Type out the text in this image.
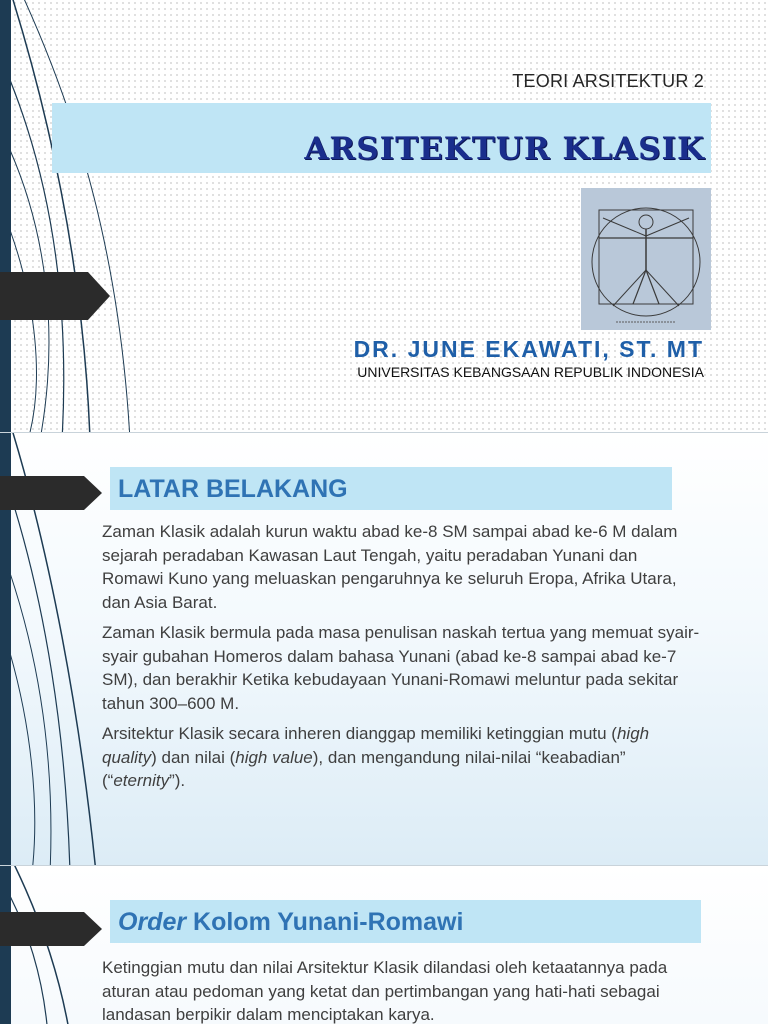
TEORI ARSITEKTUR 2
ARSITEKTUR KLASIK
DR. JUNE EKAWATI, ST. MT
UNIVERSITAS KEBANGSAAN REPUBLIK INDONESIA
LATAR BELAKANG

Zaman Klasik adalah kurun waktu abad ke-8 SM sampai abad ke-6 M dalam sejarah peradaban Kawasan Laut Tengah, yaitu peradaban Yunani dan Romawi Kuno yang meluaskan pengaruhnya ke seluruh Eropa, Afrika Utara, dan Asia Barat.

Zaman Klasik bermula pada masa penulisan naskah tertua yang memuat syair-syair gubahan Homeros dalam bahasa Yunani (abad ke-8 sampai abad ke-7 SM), dan berakhir Ketika kebudayaan Yunani-Romawi meluntur pada sekitar tahun 300–600 M.

Arsitektur Klasik secara inheren dianggap memiliki ketinggian mutu (high quality) dan nilai (high value), dan mengandung nilai-nilai “keabadian” (“eternity”).

Order Kolom Yunani-Romawi
Ketinggian mutu dan nilai Arsitektur Klasik dilandasi oleh ketaatannya pada aturan atau pedoman yang ketat dan pertimbangan yang hati-hati sebagai landasan berpikir dalam menciptakan karya.
